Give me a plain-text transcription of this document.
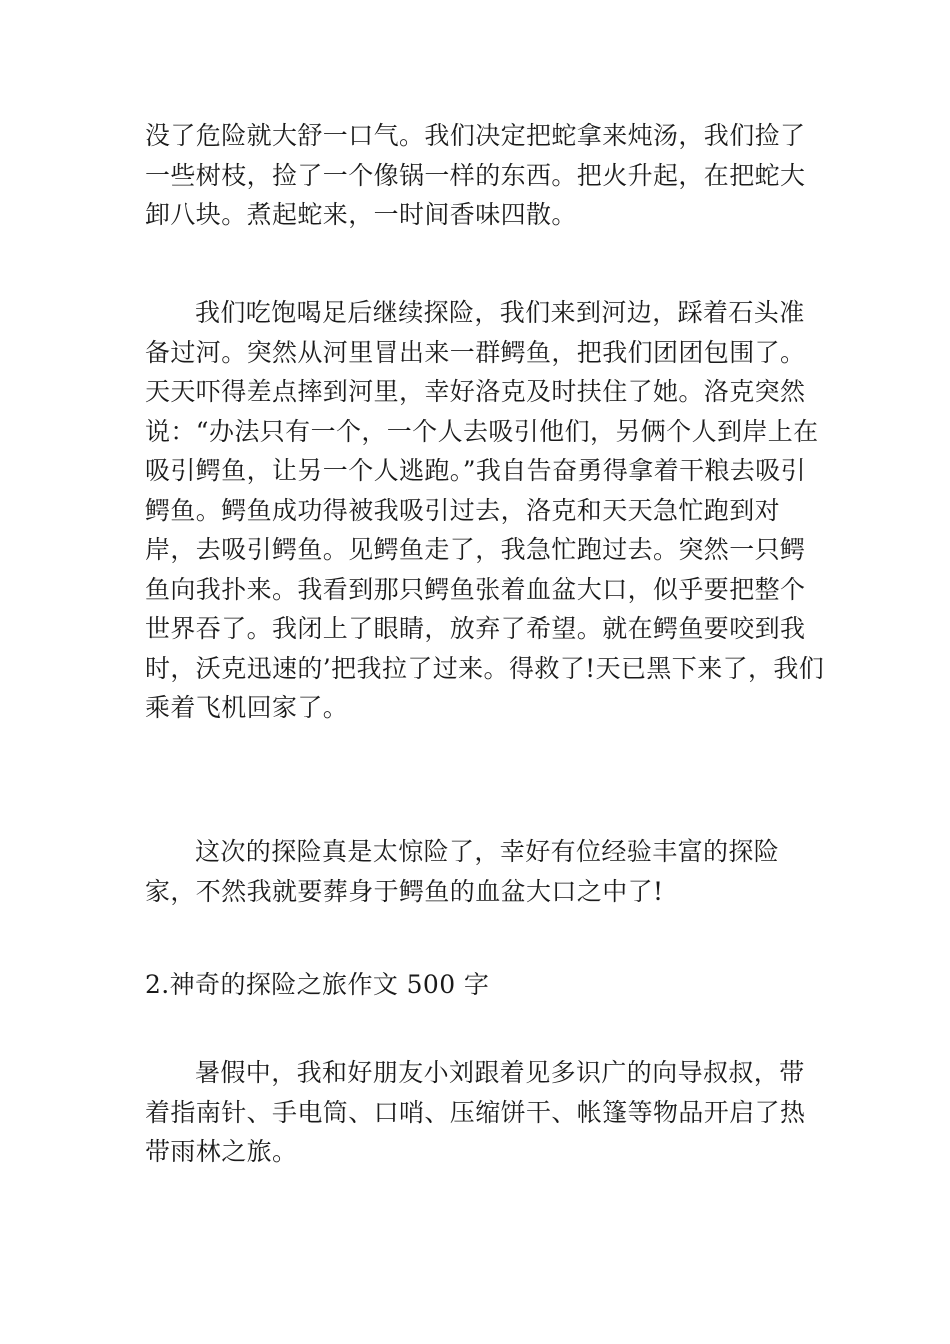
没了危险就大舒一口气。我们决定把蛇拿来炖汤，我们捡了一些树枝，捡了一个像锅一样的东西。把火升起，在把蛇大卸八块。煮起蛇来，一时间香味四散。

我们吃饱喝足后继续探险，我们来到河边，踩着石头准备过河。突然从河里冒出来一群鳄鱼，把我们团团包围了。天天吓得差点摔到河里，幸好洛克及时扶住了她。洛克突然说：“办法只有一个，一个人去吸引他们，另俩个人到岸上在吸引鳄鱼，让另一个人逃跑。”我自告奋勇得拿着干粮去吸引鳄鱼。鳄鱼成功得被我吸引过去，洛克和天天急忙跑到对岸，去吸引鳄鱼。见鳄鱼走了，我急忙跑过去。突然一只鳄鱼向我扑来。我看到那只鳄鱼张着血盆大口，似乎要把整个世界吞了。我闭上了眼睛，放弃了希望。就在鳄鱼要咬到我时，沃克迅速的’把我拉了过来。得救了!天已黑下来了，我们乘着飞机回家了。

这次的探险真是太惊险了，幸好有位经验丰富的探险家，不然我就要葬身于鳄鱼的血盆大口之中了!

2.神奇的探险之旅作文 500 字

暑假中，我和好朋友小刘跟着见多识广的向导叔叔，带着指南针、手电筒、口哨、压缩饼干、帐篷等物品开启了热带雨林之旅。
